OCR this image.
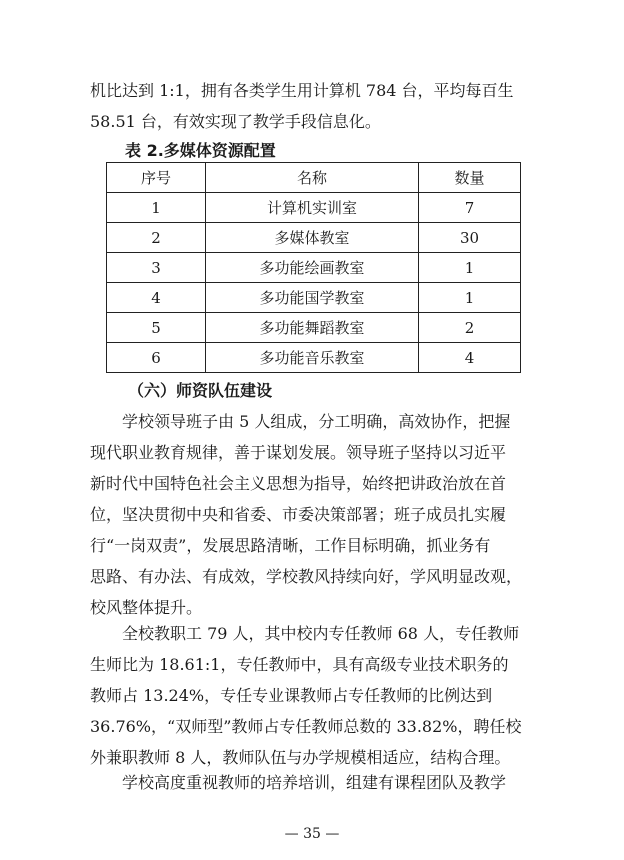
机比达到 1:1，拥有各类学生用计算机 784 台，平均每百生
58.51 台，有效实现了教学手段信息化。

表 2.多媒体资源配置
序号	名称	数量
1	计算机实训室	7
2	多媒体教室	30
3	多功能绘画教室	1
4	多功能国学教室	1
5	多功能舞蹈教室	2
6	多功能音乐教室	4
（六）师资队伍建设

　　学校领导班子由 5 人组成，分工明确，高效协作，把握
现代职业教育规律，善于谋划发展。领导班子坚持以习近平
新时代中国特色社会主义思想为指导，始终把讲政治放在首
位，坚决贯彻中央和省委、市委决策部署；班子成员扎实履
行“一岗双责”，发展思路清晰，工作目标明确，抓业务有
思路、有办法、有成效，学校教风持续向好，学风明显改观，
校风整体提升。

　　全校教职工 79 人，其中校内专任教师 68 人，专任教师
生师比为 18.61:1，专任教师中，具有高级专业技术职务的
教师占 13.24%，专任专业课教师占专任教师的比例达到
36.76%，“双师型”教师占专任教师总数的 33.82%，聘任校
外兼职教师 8 人，教师队伍与办学规模相适应，结构合理。

　　学校高度重视教师的培养培训，组建有课程团队及教学

— 35 —
